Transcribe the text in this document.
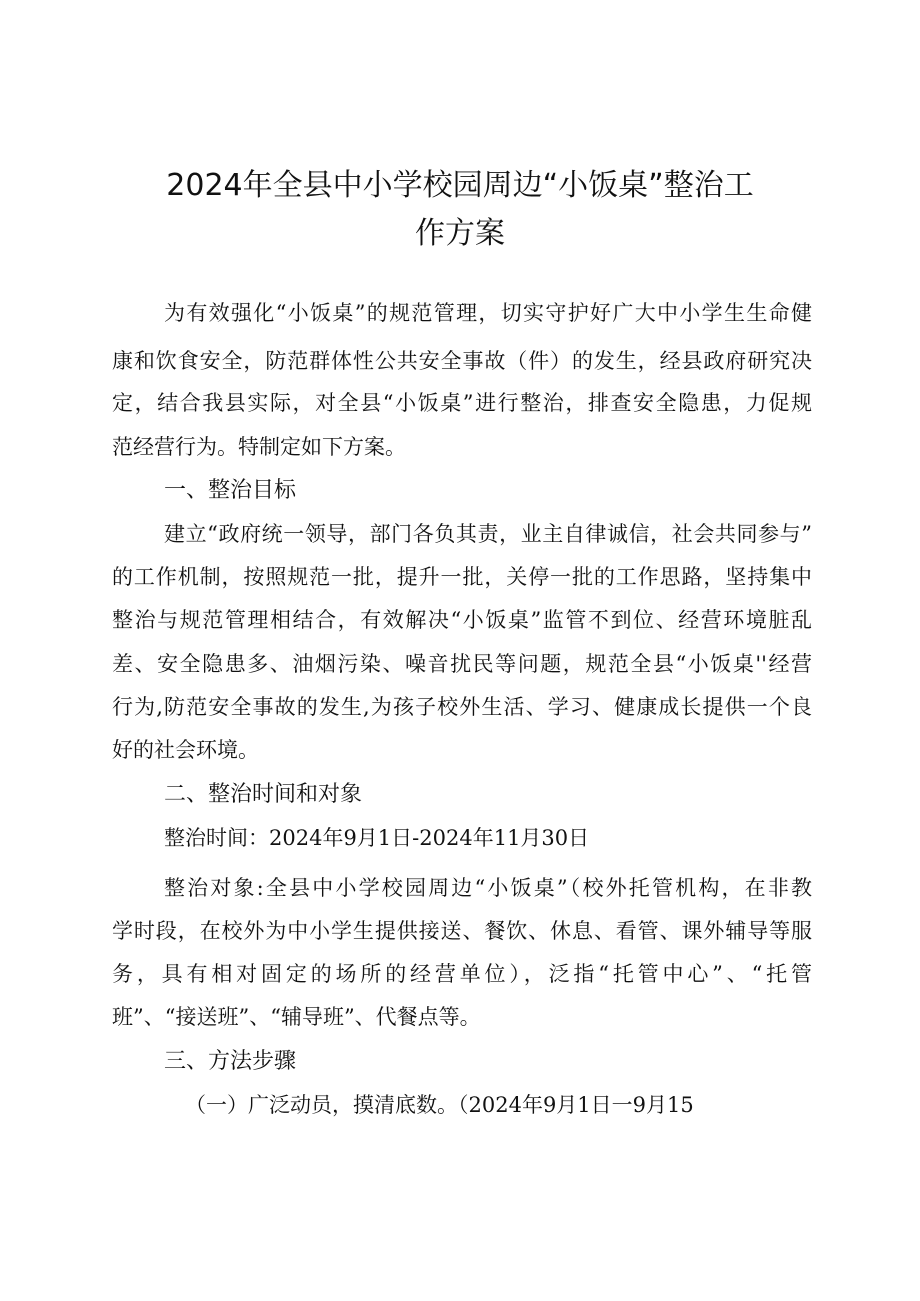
2024年全县中小学校园周边“小饭桌”整治工
作方案
为有效强化“小饭桌”的规范管理，切实守护好广大中小学生生命健
康和饮食安全，防范群体性公共安全事故（件）的发生，经县政府研究决
定，结合我县实际，对全县“小饭桌”进行整治，排查安全隐患，力促规
范经营行为。特制定如下方案。
一、整治目标
建立“政府统一领导，部门各负其责，业主自律诚信，社会共同参与”
的工作机制，按照规范一批，提升一批，关停一批的工作思路，坚持集中
整治与规范管理相结合，有效解决“小饭桌”监管不到位、经营环境脏乱
差、安全隐患多、油烟污染、噪音扰民等问题，规范全县“小饭桌''经营
行为,防范安全事故的发生,为孩子校外生活、学习、健康成长提供一个良
好的社会环境。
二、整治时间和对象
整治时间：2024年9月1日-2024年11月30日
整治对象:全县中小学校园周边“小饭桌”（校外托管机构，在非教
学时段，在校外为中小学生提供接送、餐饮、休息、看管、课外辅导等服
务，具有相对固定的场所的经营单位），泛指“托管中心”、“托管
班”、“接送班”、“辅导班”、代餐点等。
三、方法步骤
（一）广泛动员，摸清底数。（2024年9月1日一9月15
